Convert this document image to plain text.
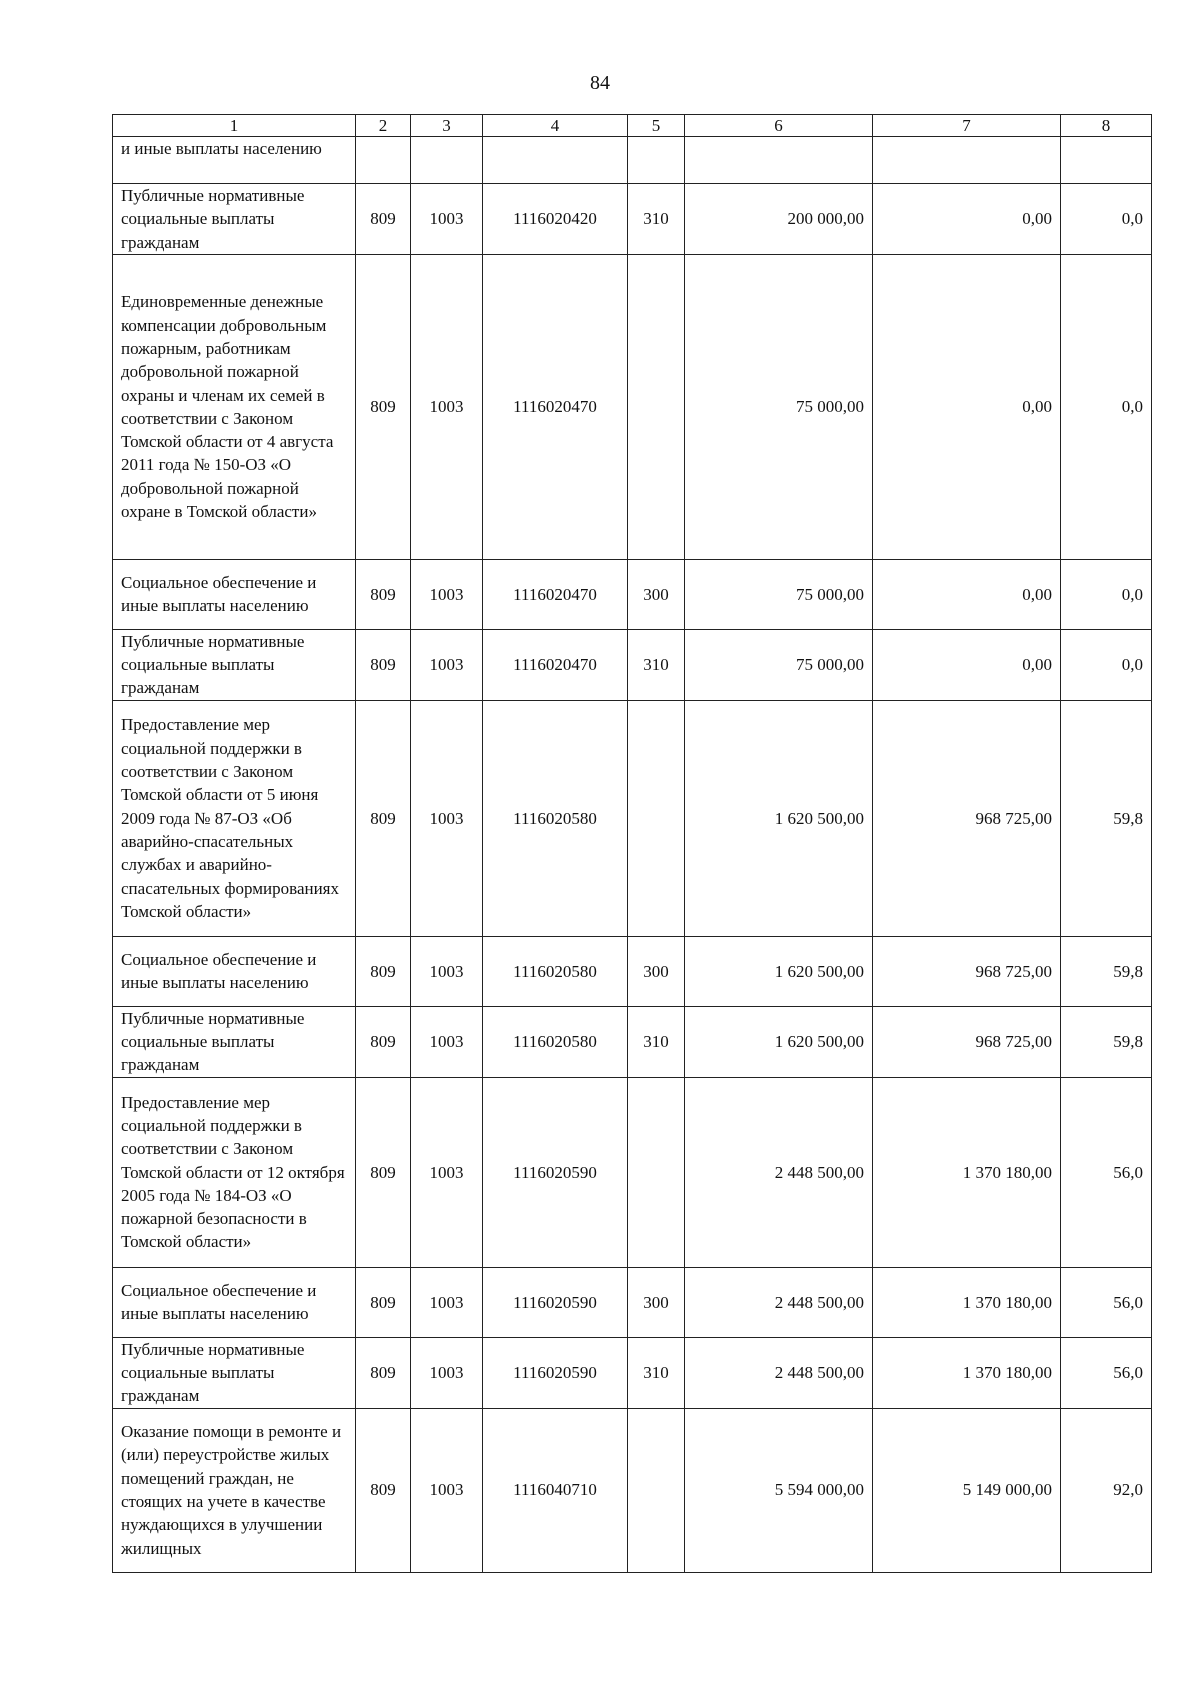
84
1	2	3	4	5	6	7	8
и иные выплаты населению							
Публичные нормативные социальные выплаты гражданам	809	1003	1116020420	310	200 000,00	0,00	0,0
Единовременные денежные компенсации добровольным пожарным, работникам добровольной пожарной охраны и членам их семей в соответствии с Законом Томской области от 4 августа 2011 года № 150-ОЗ «О добровольной пожарной охране в Томской области»	809	1003	1116020470		75 000,00	0,00	0,0
Социальное обеспечение и иные выплаты населению	809	1003	1116020470	300	75 000,00	0,00	0,0
Публичные нормативные социальные выплаты гражданам	809	1003	1116020470	310	75 000,00	0,00	0,0
Предоставление мер социальной поддержки в соответствии с Законом Томской области от 5 июня 2009 года № 87-ОЗ «Об аварийно-спасательных службах и аварийно-спасательных формированиях Томской области»	809	1003	1116020580		1 620 500,00	968 725,00	59,8
Социальное обеспечение и иные выплаты населению	809	1003	1116020580	300	1 620 500,00	968 725,00	59,8
Публичные нормативные социальные выплаты гражданам	809	1003	1116020580	310	1 620 500,00	968 725,00	59,8
Предоставление мер социальной поддержки в соответствии с Законом Томской области от 12 октября 2005 года № 184-ОЗ «О пожарной безопасности в Томской области»	809	1003	1116020590		2 448 500,00	1 370 180,00	56,0
Социальное обеспечение и иные выплаты населению	809	1003	1116020590	300	2 448 500,00	1 370 180,00	56,0
Публичные нормативные социальные выплаты гражданам	809	1003	1116020590	310	2 448 500,00	1 370 180,00	56,0
Оказание помощи в ремонте и (или) переустройстве жилых помещений граждан, не стоящих на учете в качестве нуждающихся в улучшении жилищных	809	1003	1116040710		5 594 000,00	5 149 000,00	92,0
